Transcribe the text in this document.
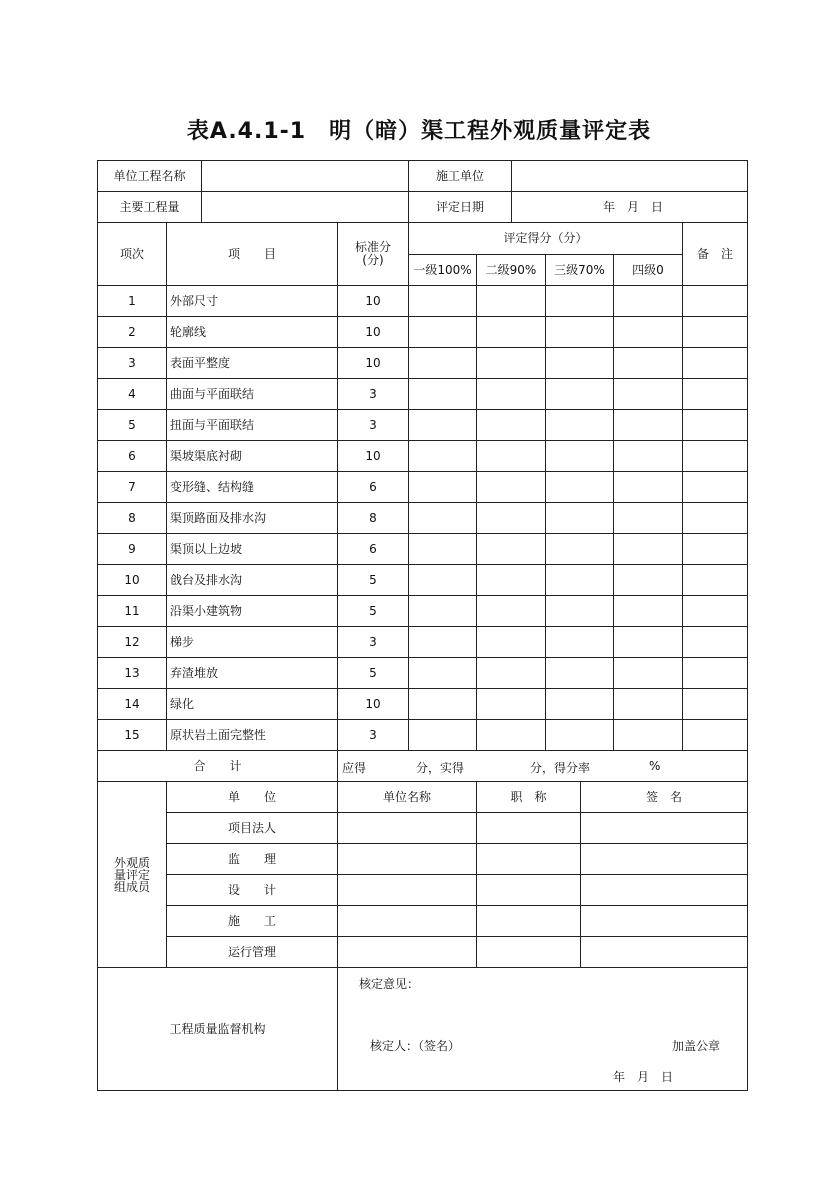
表A.4.1-1　明（暗）渠工程外观质量评定表
单位工程名称	施工单位
主要工程量	评定日期	年　月　日
项次	项　　目	标准分
(分)
评定得分（分）
一级100%	二级90%	三级70%	四级0
备　注
1	外部尺寸	10
2	轮廓线	10
3	表面平整度	10
4	曲面与平面联结	3
5	扭面与平面联结	3
6	渠坡渠底衬砌	10
7	变形缝、结构缝	6
8	渠顶路面及排水沟	8
9	渠顶以上边坡	6
10	戗台及排水沟	5
11	沿渠小建筑物	5
12	梯步	3
13	弃渣堆放	5
14	绿化	10
15	原状岩土面完整性	3
合　　计	应得	分，实得	分，得分率	%
外观质
量评定
组成员
单　　位	单位名称	职　称	签　名
项目法人
监　　理
设　　计
施　　工
运行管理
工程质量监督机构
核定意见：
核定人：（签名）	加盖公章
年　月　日
